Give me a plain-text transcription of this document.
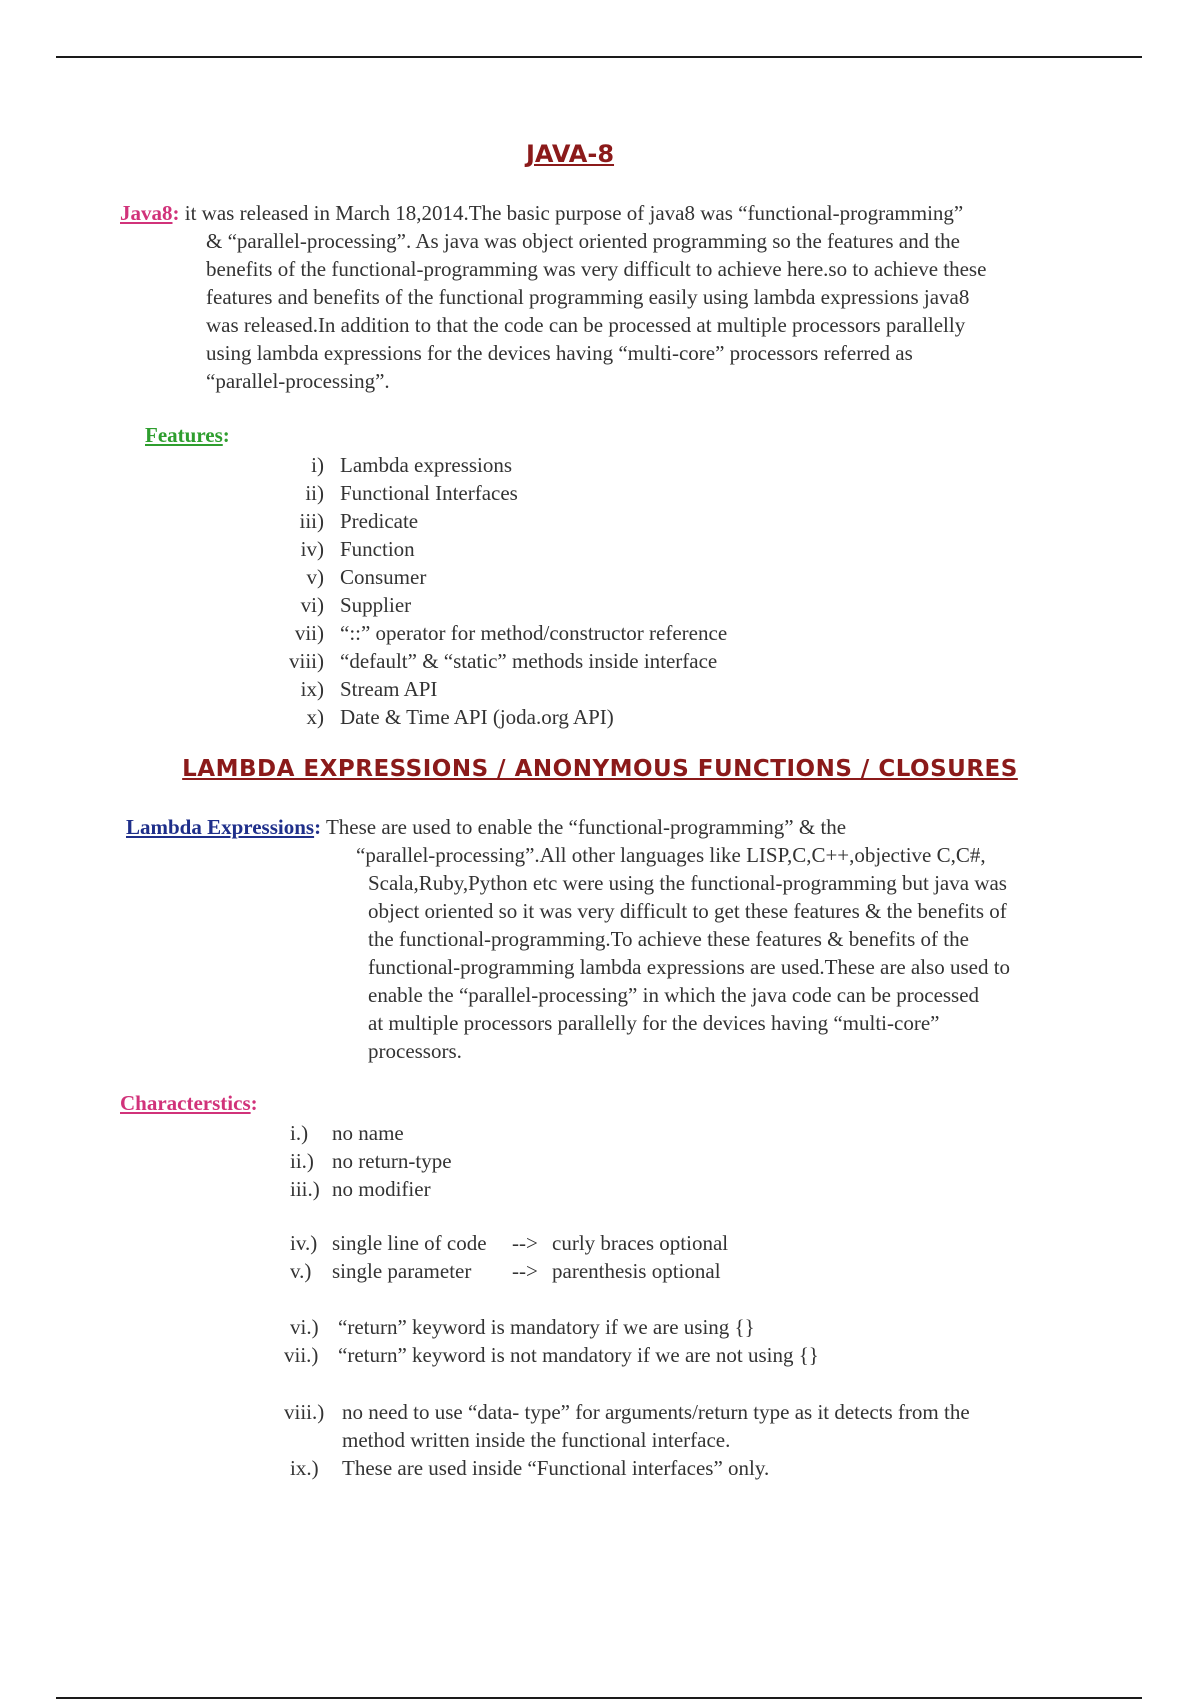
JAVA-8
Java8: it was released in March 18,2014.The basic purpose of java8 was “functional-programming”
& “parallel-processing”. As java was object oriented programming so the features and the
benefits of the functional-programming was very difficult to achieve here.so to achieve these
features and benefits of the functional programming easily using lambda expressions java8
was released.In addition to that the code can be processed at multiple processors parallelly
using lambda expressions for the devices having “multi-core” processors referred as
“parallel-processing”.
Features:
i) Lambda expressions
ii) Functional Interfaces
iii) Predicate
iv) Function
v) Consumer
vi) Supplier
vii) “::” operator for method/constructor reference
viii) “default” & “static” methods inside interface
ix) Stream API
x) Date & Time API (joda.org API)
LAMBDA EXPRESSIONS / ANONYMOUS FUNCTIONS / CLOSURES
Lambda Expressions: These are used to enable the “functional-programming” & the
“parallel-processing”.All other languages like LISP,C,C++,objective C,C#,
Scala,Ruby,Python etc were using the functional-programming but java was
object oriented so it was very difficult to get these features & the benefits of
the functional-programming.To achieve these features & benefits of the
functional-programming lambda expressions are used.These are also used to
enable the “parallel-processing” in which the java code can be processed
at multiple processors parallelly for the devices having “multi-core”
processors.
Characterstics:
i.)	no name
ii.) no return-type
iii.) no modifier
iv.) single line of code	--> curly braces optional
v.) single parameter	--> parenthesis optional
vi.) “return” keyword is mandatory if we are using {}
vii.) “return” keyword is not mandatory if we are not using {}
viii.) no need to use “data- type” for arguments/return type as it detects from the
method written inside the functional interface.
ix.)	These are used inside “Functional interfaces” only.
